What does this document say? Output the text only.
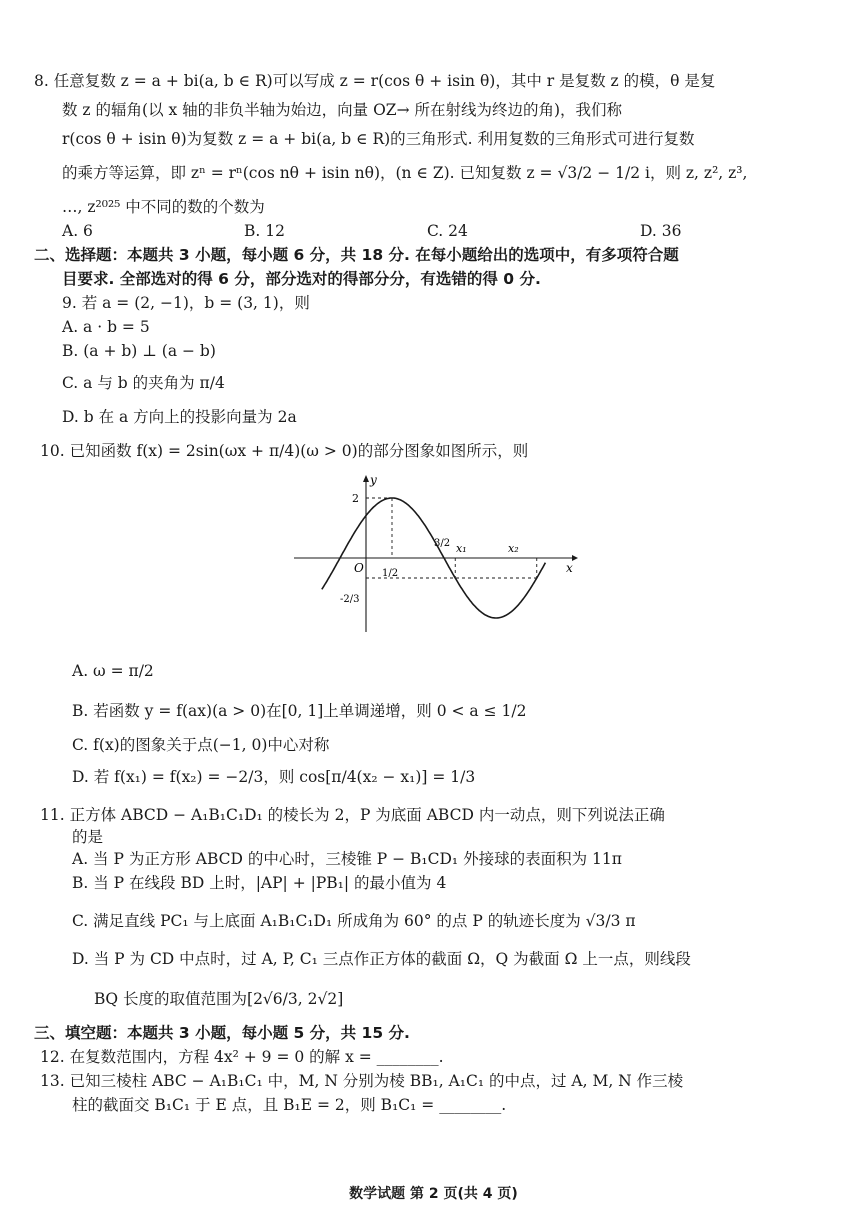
8. 任意复数 z = a + bi(a, b ∈ R)可以写成 z = r(cos θ + isin θ)，其中 r 是复数 z 的模，θ 是复
数 z 的辐角(以 x 轴的非负半轴为始边，向量 OZ→ 所在射线为终边的角)，我们称
r(cos θ + isin θ)为复数 z = a + bi(a, b ∈ R)的三角形式. 利用复数的三角形式可进行复数
的乘方等运算，即 zⁿ = rⁿ(cos nθ + isin nθ)，(n ∈ Z). 已知复数 z = √3/2 − 1/2 i，则 z, z², z³,
…, z²⁰²⁵ 中不同的数的个数为
A. 6	B. 12	C. 24	D. 36
二、选择题：本题共 3 小题，每小题 6 分，共 18 分. 在每小题给出的选项中，有多项符合题
目要求. 全部选对的得 6 分，部分选对的得部分分，有选错的得 0 分.
9. 若 a = (2, −1)，b = (3, 1)，则
A. a · b = 5
B. (a + b) ⊥ (a − b)
C. a 与 b 的夹角为 π/4
D. b 在 a 方向上的投影向量为 2a
10. 已知函数 f(x) = 2sin(ωx + π/4)(ω > 0)的部分图象如图所示，则
y
x
O
2
1/2
3/2 x₁	x₂
-2/3
A. ω = π/2
B. 若函数 y = f(ax)(a > 0)在[0, 1]上单调递增，则 0 < a ≤ 1/2
C. f(x)的图象关于点(−1, 0)中心对称
D. 若 f(x₁) = f(x₂) = −2/3，则 cos[π/4(x₂ − x₁)] = 1/3
11. 正方体 ABCD − A₁B₁C₁D₁ 的棱长为 2，P 为底面 ABCD 内一动点，则下列说法正确
的是
A. 当 P 为正方形 ABCD 的中心时，三棱锥 P − B₁CD₁ 外接球的表面积为 11π
B. 当 P 在线段 BD 上时，|AP| + |PB₁| 的最小值为 4
C. 满足直线 PC₁ 与上底面 A₁B₁C₁D₁ 所成角为 60° 的点 P 的轨迹长度为 √3/3 π
D. 当 P 为 CD 中点时，过 A, P, C₁ 三点作正方体的截面 Ω，Q 为截面 Ω 上一点，则线段
BQ 长度的取值范围为[2√6/3, 2√2]
三、填空题：本题共 3 小题，每小题 5 分，共 15 分.
12. 在复数范围内，方程 4x² + 9 = 0 的解 x = ________.
13. 已知三棱柱 ABC − A₁B₁C₁ 中，M, N 分别为棱 BB₁, A₁C₁ 的中点，过 A, M, N 作三棱
柱的截面交 B₁C₁ 于 E 点，且 B₁E = 2，则 B₁C₁ = ________.
数学试题 第 2 页(共 4 页)
